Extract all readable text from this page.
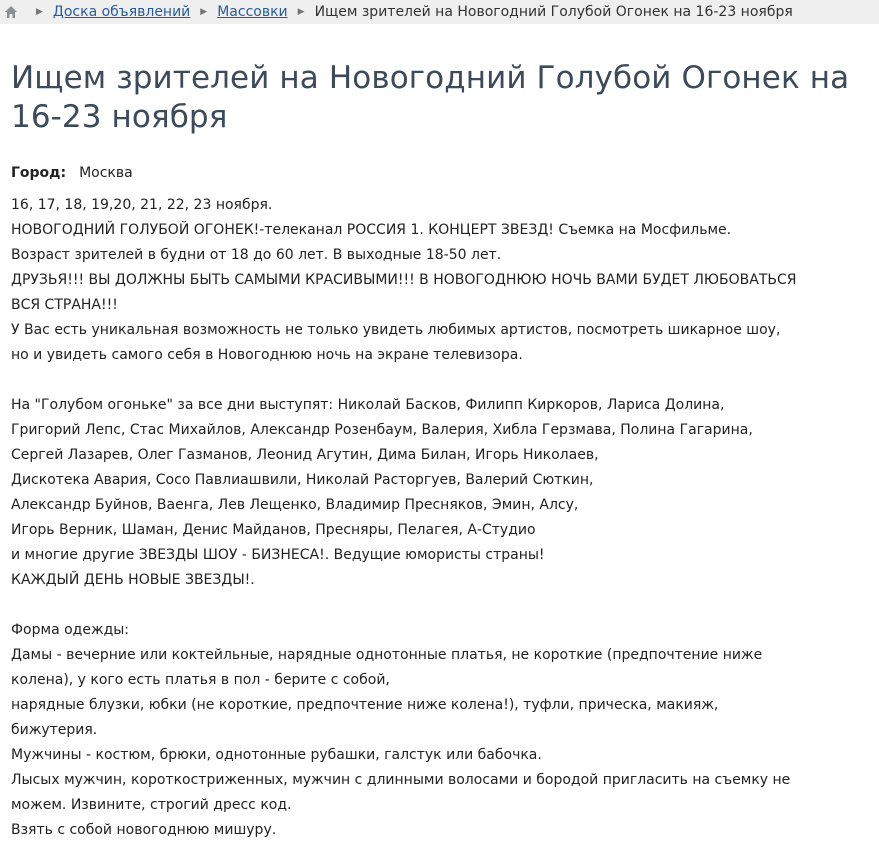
▶ Доска объявлений ▶ Массовки ▶ Ищем зрителей на Новогодний Голубой Огонек на 16-23 ноября
Ищем зрителей на Новогодний Голубой Огонек на
16-23 ноября
Город: Москва

16, 17, 18, 19,20, 21, 22, 23 ноября.

НОВОГОДНИЙ ГОЛУБОЙ ОГОНЕК!-телеканал РОССИЯ 1. КОНЦЕРТ ЗВЕЗД! Съемка на Мосфильме.

Возраст зрителей в будни от 18 до 60 лет. В выходные 18-50 лет.

ДРУЗЬЯ!!! ВЫ ДОЛЖНЫ БЫТЬ САМЫМИ КРАСИВЫМИ!!! В НОВОГОДНЮЮ НОЧЬ ВАМИ БУДЕТ ЛЮБОВАТЬСЯ

ВСЯ СТРАНА!!!

У Вас есть уникальная возможность не только увидеть любимых артистов, посмотреть шикарное шоу,

но и увидеть самого себя в Новогоднюю ночь на экране телевизора.

На "Голубом огоньке" за все дни выступят: Николай Басков, Филипп Киркоров, Лариса Долина,

Григорий Лепс, Стас Михайлов, Александр Розенбаум, Валерия, Хибла Герзмава, Полина Гагарина,

Сергей Лазарев, Олег Газманов, Леонид Агутин, Дима Билан, Игорь Николаев,

Дискотека Авария, Сосо Павлиашвили, Николай Расторгуев, Валерий Сюткин,

Александр Буйнов, Ваенга, Лев Лещенко, Владимир Пресняков, Эмин, Алсу,

Игорь Верник, Шаман, Денис Майданов, Пресняры, Пелагея, А-Студио

и многие другие ЗВЕЗДЫ ШОУ - БИЗНЕСА!. Ведущие юмористы страны!

КАЖДЫЙ ДЕНЬ НОВЫЕ ЗВЕЗДЫ!.

Форма одежды:

Дамы - вечерние или коктейльные, нарядные однотонные платья, не короткие (предпочтение ниже

колена), у кого есть платья в пол - берите с собой,

нарядные блузки, юбки (не короткие, предпочтение ниже колена!), туфли, прическа, макияж,

бижутерия.

Мужчины - костюм, брюки, однотонные рубашки, галстук или бабочка.

Лысых мужчин, короткостриженных, мужчин с длинными волосами и бородой пригласить на съемку не

можем. Извините, строгий дресс код.

Взять с собой новогоднюю мишуру.
